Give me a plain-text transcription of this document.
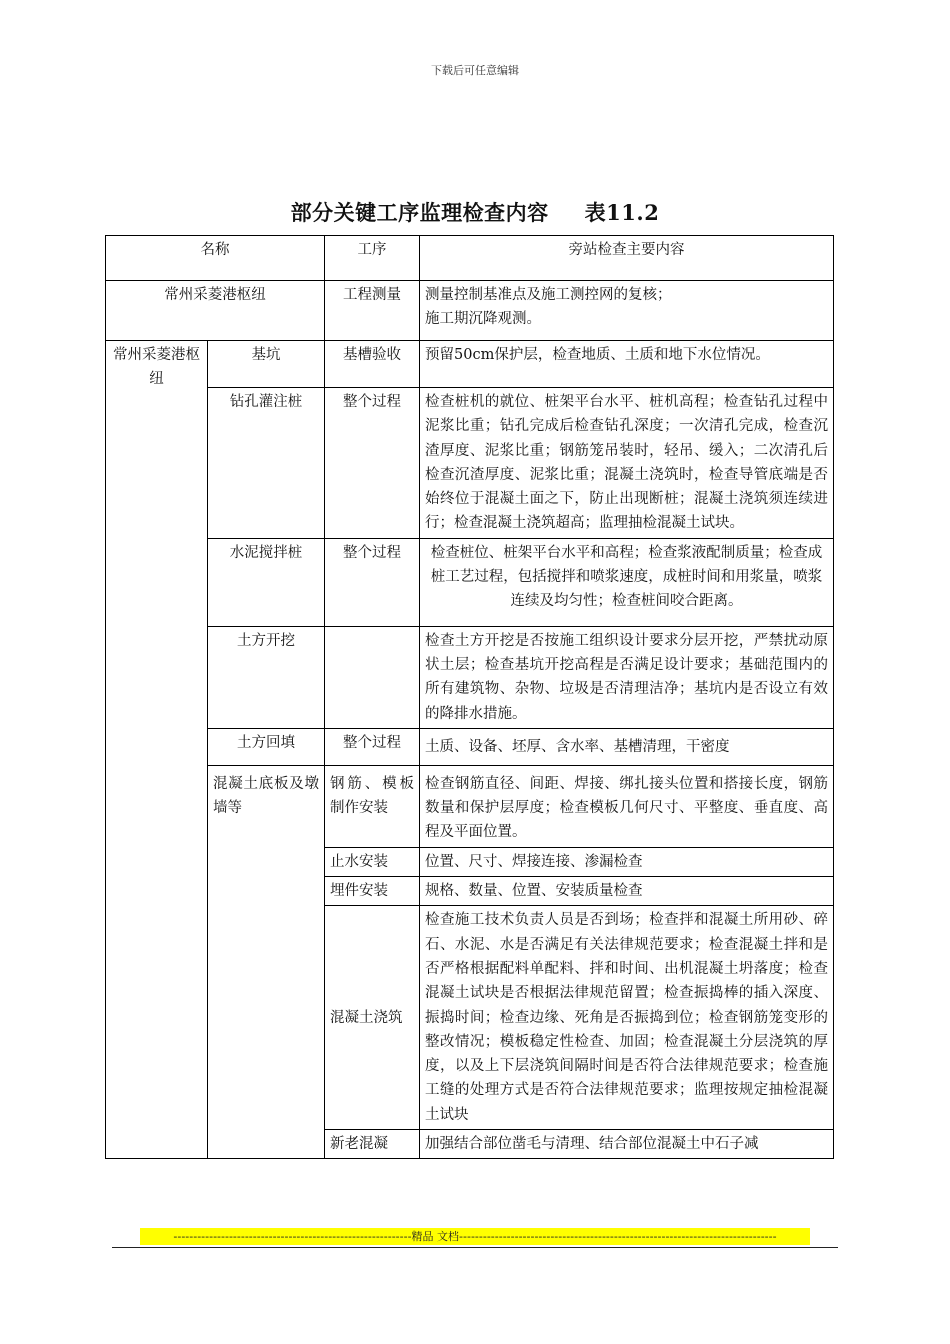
下载后可任意编辑
部分关键工序监理检查内容 表11.2
名称		工序	旁站检查主要内容
常州采菱港枢纽		工程测量	测量控制基准点及施工测控网的复核；
施工期沉降观测。
常州采菱港枢纽	基坑	基槽验收	预留50cm保护层，检查地质、土质和地下水位情况。
	钻孔灌注桩	整个过程	检查桩机的就位、桩架平台水平、桩机高程；检查钻孔过程中泥浆比重；钻孔完成后检查钻孔深度；一次清孔完成，检查沉渣厚度、泥浆比重；钢筋笼吊装时，轻吊、缓入；二次清孔后检查沉渣厚度、泥浆比重；混凝土浇筑时，检查导管底端是否始终位于混凝土面之下，防止出现断桩；混凝土浇筑须连续进行；检查混凝土浇筑超高；监理抽检混凝土试块。
	水泥搅拌桩	整个过程	检查桩位、桩架平台水平和高程；检查浆液配制质量；检查成桩工艺过程，包括搅拌和喷浆速度，成桩时间和用浆量，喷浆连续及均匀性；检查桩间咬合距离。
	土方开挖		检查土方开挖是否按施工组织设计要求分层开挖，严禁扰动原状土层；检查基坑开挖高程是否满足设计要求；基础范围内的所有建筑物、杂物、垃圾是否清理洁净；基坑内是否设立有效的降排水措施。
	土方回填	整个过程	土质、设备、坯厚、含水率、基槽清理，干密度
	混凝土底板及墩墙等	钢筋、模板制作安装	检查钢筋直径、间距、焊接、绑扎接头位置和搭接长度，钢筋数量和保护层厚度；检查模板几何尺寸、平整度、垂直度、高程及平面位置。
		止水安装	位置、尺寸、焊接连接、渗漏检查
		埋件安装	规格、数量、位置、安装质量检查
		混凝土浇筑	检查施工技术负责人员是否到场；检查拌和混凝土所用砂、碎石、水泥、水是否满足有关法律规范要求；检查混凝土拌和是否严格根据配料单配料、拌和时间、出机混凝土坍落度；检查混凝土试块是否根据法律规范留置；检查振捣棒的插入深度、振捣时间；检查边缘、死角是否振捣到位；检查钢筋笼变形的整改情况；模板稳定性检查、加固；检查混凝土分层浇筑的厚度，以及上下层浇筑间隔时间是否符合法律规范要求；检查施工缝的处理方式是否符合法律规范要求；监理按规定抽检混凝土试块
		新老混凝	加强结合部位凿毛与清理、结合部位混凝土中石子减
------------------------------------------------------------精品 文档--------------------------------------------------------------------------------
